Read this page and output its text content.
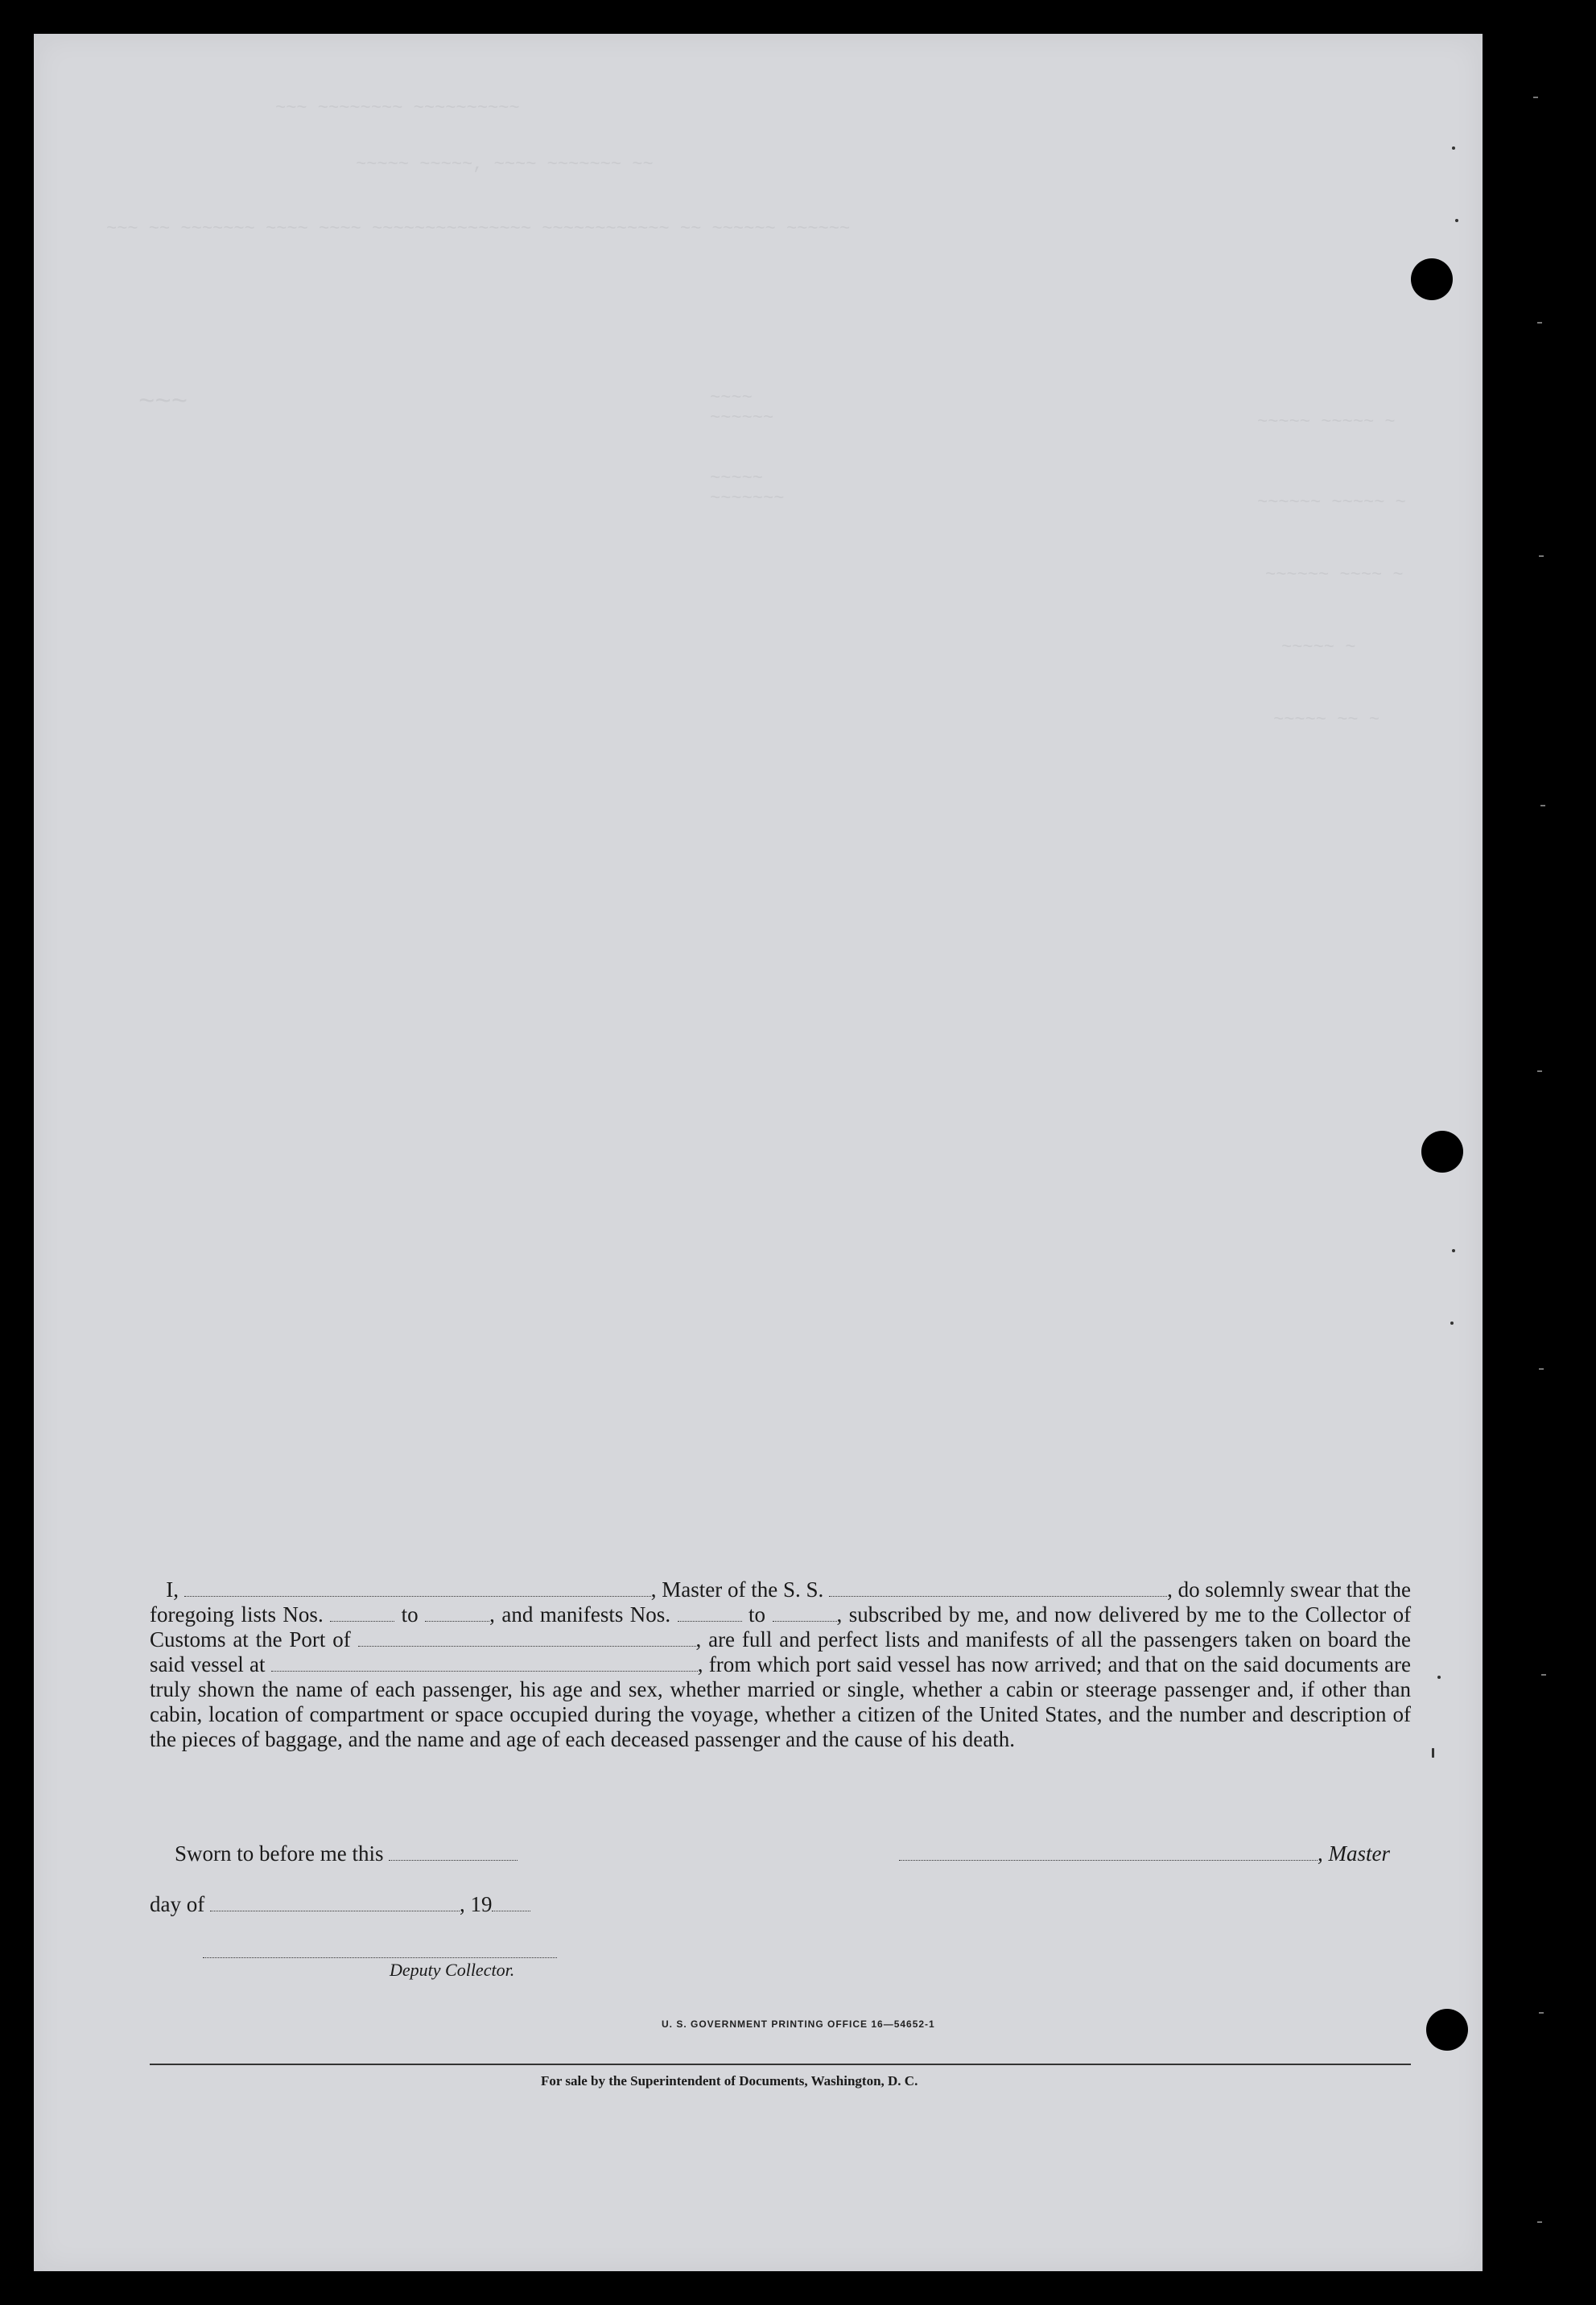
~~~ ~~~~~~~~ ~~~~~~~~~~
~~~~~ ~~~~~, ~~~~ ~~~~~~~ ~~
~~~ ~~ ~~~~~~~ ~~~~ ~~~~ ~~~~~~~~~~~~~~~ ~~~~~~~~~~~~ ~~ ~~~~~~ ~~~~~~
~~~	~~~~
~~~~~~	~~~~~ ~~~~~ ~
~~~~~
~~~~~~~	~~~~~~ ~~~~~ ~
~~~~~~ ~~~~ ~
~~~~~ ~
~~~~~ ~~ ~
I,	, Master of the S. S.	, do solemnly swear that the foregoing lists Nos.	to	, and manifests Nos.	to	, subscribed by me, and now delivered by me to the Collector of Customs at the Port of	, are full and perfect lists and manifests of all the passengers taken on board the said vessel at	, from which port said vessel has now arrived; and that on the said documents are truly shown the name of each passenger, his age and sex, whether married or single, whether a cabin or steerage passenger and, if other than cabin, location of compartment or space occupied during the voyage, whether a citizen of the United States, and the number and description of the pieces of baggage, and the name and age of each deceased passenger and the cause of his death.
Sworn to before me this	, Master
day of	, 19
Deputy Collector.
U. S. GOVERNMENT PRINTING OFFICE 16—54652-1
For sale by the Superintendent of Documents, Washington, D. C.
